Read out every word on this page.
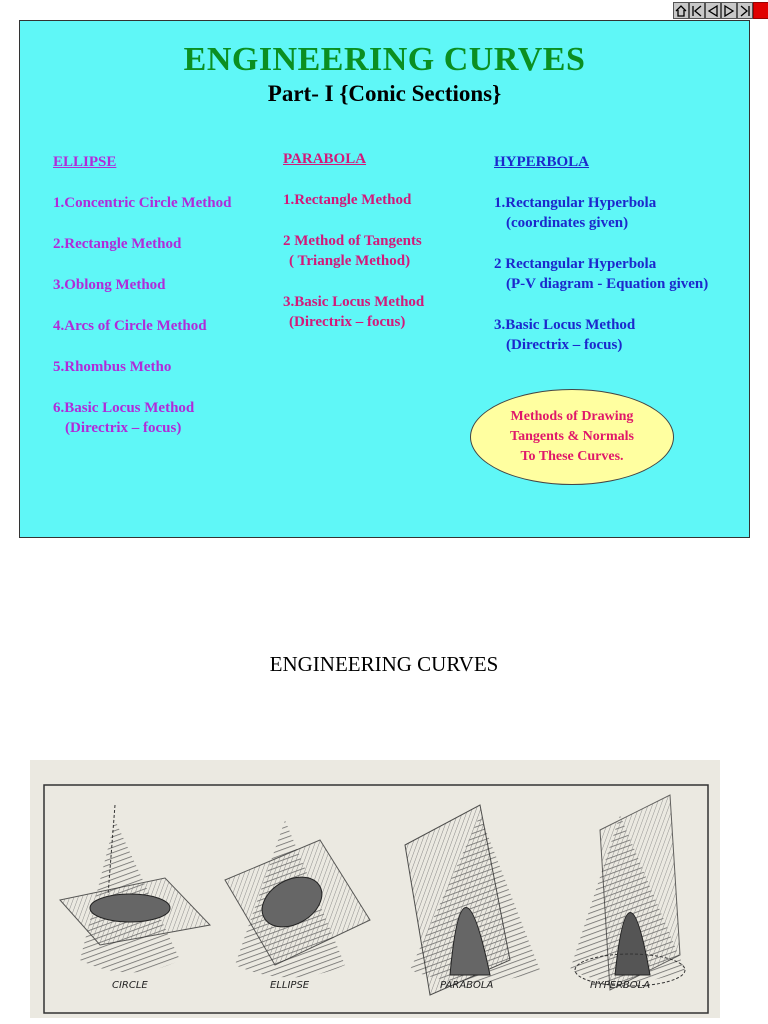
ENGINEERING CURVES
Part- I {Conic Sections}
ELLIPSE
1.Concentric Circle Method
2.Rectangle Method
3.Oblong Method
4.Arcs of Circle Method
5.Rhombus Metho
6.Basic Locus Method
(Directrix – focus)
PARABOLA
1.Rectangle Method
2 Method of Tangents
( Triangle Method)
3.Basic Locus Method
(Directrix – focus)
HYPERBOLA
1.Rectangular Hyperbola
(coordinates given)
2 Rectangular Hyperbola
(P-V diagram - Equation given)
3.Basic Locus Method
(Directrix – focus)
Methods of Drawing
Tangents & Normals
To These Curves.
ENGINEERING CURVES
CIRCLE	ELLIPSE	PARABOLA	HYPERBOLA
